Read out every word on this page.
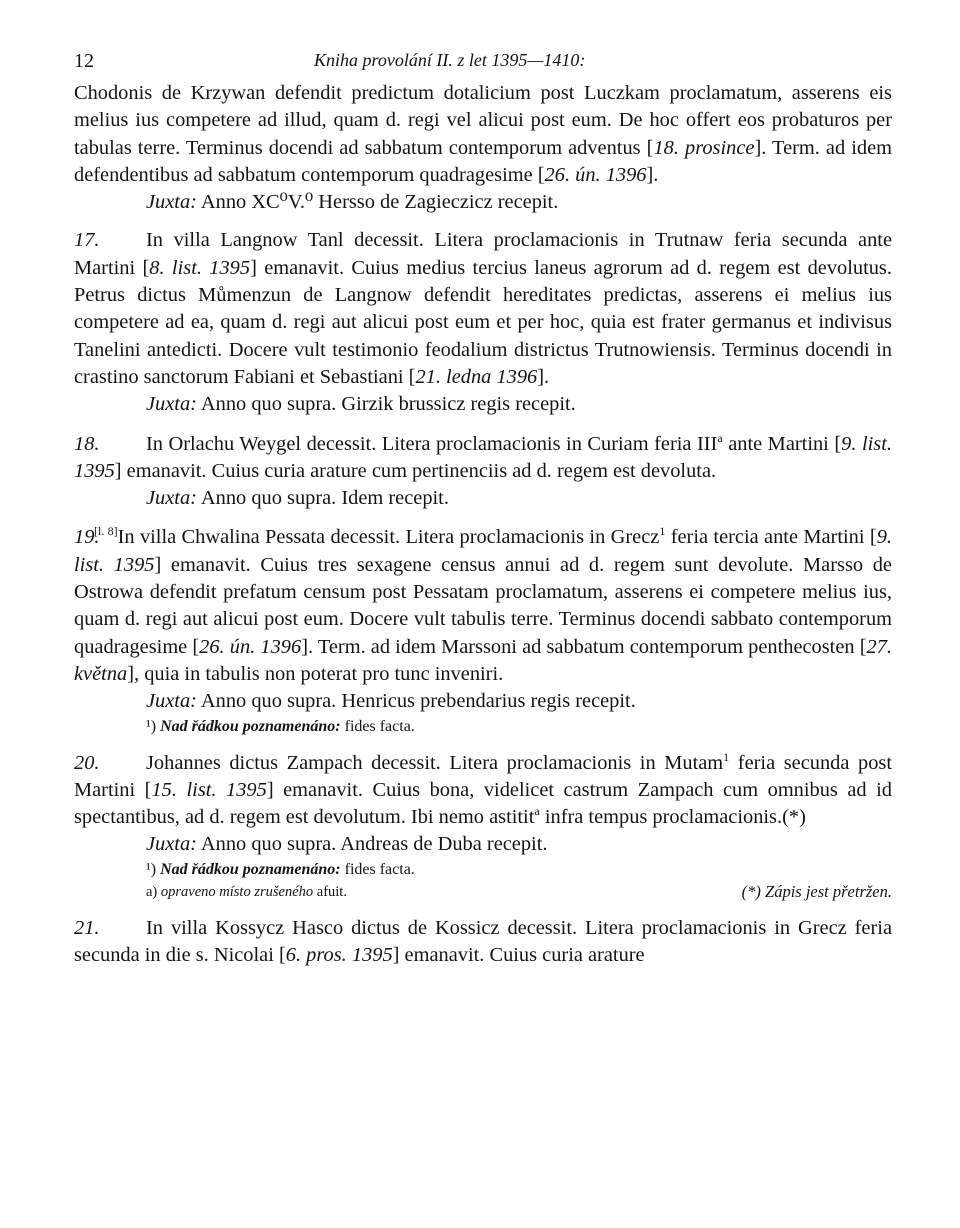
12	Kniha provolání II. z let 1395—1410:

Chodonis de Krzywan defendit predictum dotalicium post Luczkam proclamatum, asserens eis melius ius competere ad illud, quam d. regi vel alicui post eum. De hoc offert eos probaturos per tabulas terre. Terminus docendi ad sabbatum contemporum adventus [18. prosince]. Term. ad idem defendentibus ad sabbatum contemporum quadragesime [26. ún. 1396].

Juxta: Anno XC⁰V.⁰ Hersso de Zagieczicz recepit.

17. In villa Langnow Tanl decessit. Litera proclamacionis in Trutnaw feria secunda ante Martini [8. list. 1395] emanavit. Cuius medius tercius laneus agrorum ad d. regem est devolutus. Petrus dictus Můmenzun de Langnow defendit hereditates predictas, asserens ei melius ius competere ad ea, quam d. regi aut alicui post eum et per hoc, quia est frater germanus et indivisus Tanelini antedicti. Docere vult testimonio feodalium districtus Trutnowiensis. Terminus docendi in crastino sanctorum Fabiani et Sebastiani [21. ledna 1396].

Juxta: Anno quo supra. Girzik brussicz regis recepit.

18. In Orlachu Weygel decessit. Litera proclamacionis in Curiam feria III$^a$ ante Martini [9. list. 1395] emanavit. Cuius curia arature cum pertinenciis ad d. regem est devoluta.

Juxta: Anno quo supra. Idem recepit.

19.[l. 8]In villa Chwalina Pessata decessit. Litera proclamacionis in Grecz$^1$ feria tercia ante Martini [9. list. 1395] emanavit. Cuius tres sexagene census annui ad d. regem sunt devolute. Marsso de Ostrowa defendit prefatum censum post Pessatam proclamatum, asserens ei competere melius ius, quam d. regi aut alicui post eum. Docere vult tabulis terre. Terminus docendi sabbato contemporum quadragesime [26. ún. 1396]. Term. ad idem Marssoni ad sabbatum contemporum penthecosten [27. května], quia in tabulis non poterat pro tunc inveniri.

Juxta: Anno quo supra. Henricus prebendarius regis recepit.

¹) Nad řádkou poznamenáno: fides facta.

20. Johannes dictus Zampach decessit. Litera proclamacionis in Mutam$^1$ feria secunda post Martini [15. list. 1395] emanavit. Cuius bona, videlicet castrum Zampach cum omnibus ad id spectantibus, ad d. regem est devolutum. Ibi nemo astitit$^a$ infra tempus proclamacionis.(*)

Juxta: Anno quo supra. Andreas de Duba recepit.

¹) Nad řádkou poznamenáno: fides facta.
a) opraveno místo zrušeného afuit.	(*) Zápis jest přetržen.

21. In villa Kossycz Hasco dictus de Kossicz decessit. Litera proclamacionis in Grecz feria secunda in die s. Nicolai [6. pros. 1395] emanavit. Cuius curia arature
